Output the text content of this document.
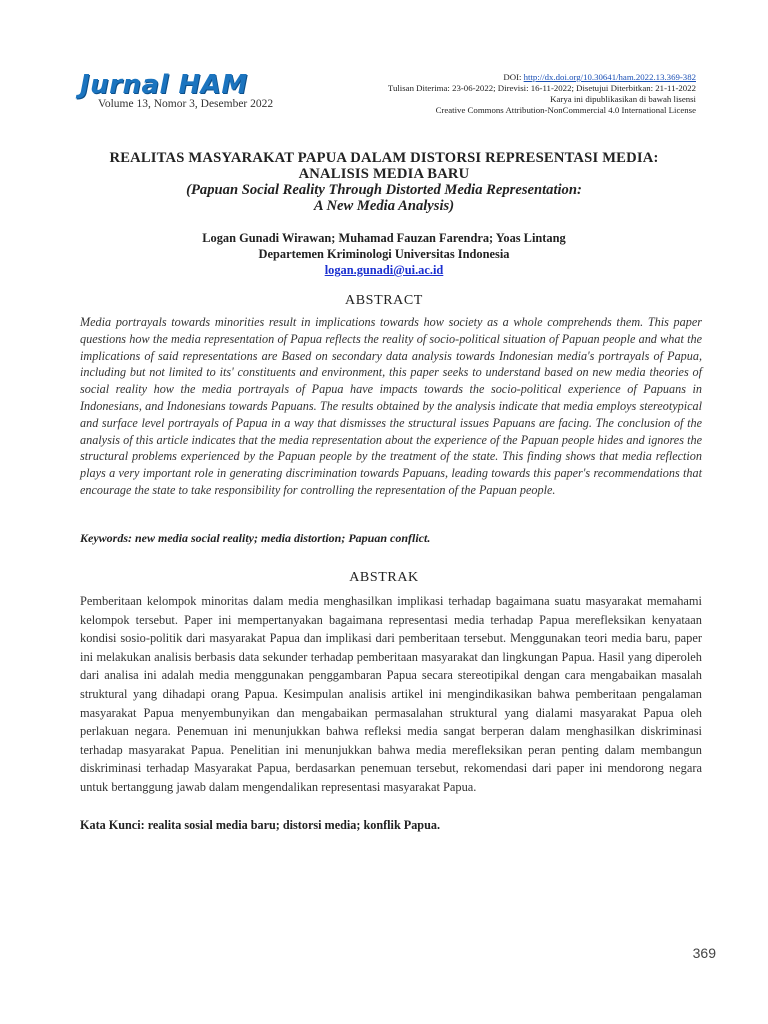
Jurnal HAM
Volume 13, Nomor 3, Desember 2022
DOI: http://dx.doi.org/10.30641/ham.2022.13.369-382
Tulisan Diterima: 23-06-2022; Direvisi: 16-11-2022; Disetujui Diterbitkan: 21-11-2022
Karya ini dipublikasikan di bawah lisensi
Creative Commons Attribution-NonCommercial 4.0 International License
REALITAS MASYARAKAT PAPUA DALAM DISTORSI REPRESENTASI MEDIA:
ANALISIS MEDIA BARU
(Papuan Social Reality Through Distorted Media Representation:
A New Media Analysis)
Logan Gunadi Wirawan; Muhamad Fauzan Farendra; Yoas Lintang
Departemen Kriminologi Universitas Indonesia
logan.gunadi@ui.ac.id
ABSTRACT
Media portrayals towards minorities result in implications towards how society as a whole comprehends them. This paper questions how the media representation of Papua reflects the reality of socio-political situation of Papuan people and what the implications of said representations are Based on secondary data analysis towards Indonesian media's portrayals of Papua, including but not limited to its' constituents and environment, this paper seeks to understand based on new media theories of social reality how the media portrayals of Papua have impacts towards the socio-political experience of Papuans in Indonesians, and Indonesians towards Papuans. The results obtained by the analysis indicate that media employs stereotypical and surface level portrayals of Papua in a way that dismisses the structural issues Papuans are facing. The conclusion of the analysis of this article indicates that the media representation about the experience of the Papuan people hides and ignores the structural problems experienced by the Papuan people by the treatment of the state. This finding shows that media reflection plays a very important role in generating discrimination towards Papuans, leading towards this paper's recommendations that encourage the state to take responsibility for controlling the representation of the Papuan people.
Keywords: new media social reality; media distortion; Papuan conflict.
ABSTRAK
Pemberitaan kelompok minoritas dalam media menghasilkan implikasi terhadap bagaimana suatu masyarakat memahami kelompok tersebut. Paper ini mempertanyakan bagaimana representasi media terhadap Papua merefleksikan kenyataan kondisi sosio-politik dari masyarakat Papua dan implikasi dari pemberitaan tersebut. Menggunakan teori media baru, paper ini melakukan analisis berbasis data sekunder terhadap pemberitaan masyarakat dan lingkungan Papua. Hasil yang diperoleh dari analisa ini adalah media menggunakan penggambaran Papua secara stereotipikal dengan cara mengabaikan masalah struktural yang dihadapi orang Papua. Kesimpulan analisis artikel ini mengindikasikan bahwa pemberitaan pengalaman masyarakat Papua menyembunyikan dan mengabaikan permasalahan struktural yang dialami masyarakat Papua oleh perlakuan negara. Penemuan ini menunjukkan bahwa refleksi media sangat berperan dalam menghasilkan diskriminasi terhadap masyarakat Papua. Penelitian ini menunjukkan bahwa media merefleksikan peran penting dalam membangun diskriminasi terhadap Masyarakat Papua, berdasarkan penemuan tersebut, rekomendasi dari paper ini mendorong negara untuk bertanggung jawab dalam mengendalikan representasi masyarakat Papua.
Kata Kunci: realita sosial media baru; distorsi media; konflik Papua.
369
